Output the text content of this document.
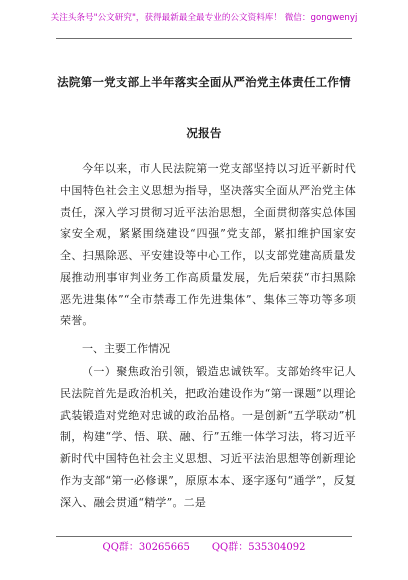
关注头条号"公文研究"，获得最新最全最专业的公文资料库！ 微信：gongwenyj
法院第一党支部上半年落实全面从严治党主体责任工作情
况报告
今年以来，市人民法院第一党支部坚持以习近平新时代中国特色社会主义思想为指导，坚决落实全面从严治党主体责任，深入学习贯彻习近平法治思想，全面贯彻落实总体国家安全观，紧紧围绕建设“四强”党支部，紧扣维护国家安全、扫黑除恶、平安建设等中心工作，以支部党建高质量发展推动刑事审判业务工作高质量发展，先后荣获“市扫黑除恶先进集体”“全市禁毒工作先进集体”、集体三等功等多项荣誉。
一、主要工作情况
（一）聚焦政治引领，锻造忠诚铁军。支部始终牢记人民法院首先是政治机关，把政治建设作为“第一课题”以理论武装锻造对党绝对忠诚的政治品格。一是创新“五学联动”机制，构建“学、悟、联、融、行”五维一体学习法，将习近平新时代中国特色社会主义思想、习近平法治思想等创新理论作为支部“第一必修课”，原原本本、逐字逐句“通学”，反复深入、融会贯通“精学”。二是
QQ群：30265665 QQ群：535304092
